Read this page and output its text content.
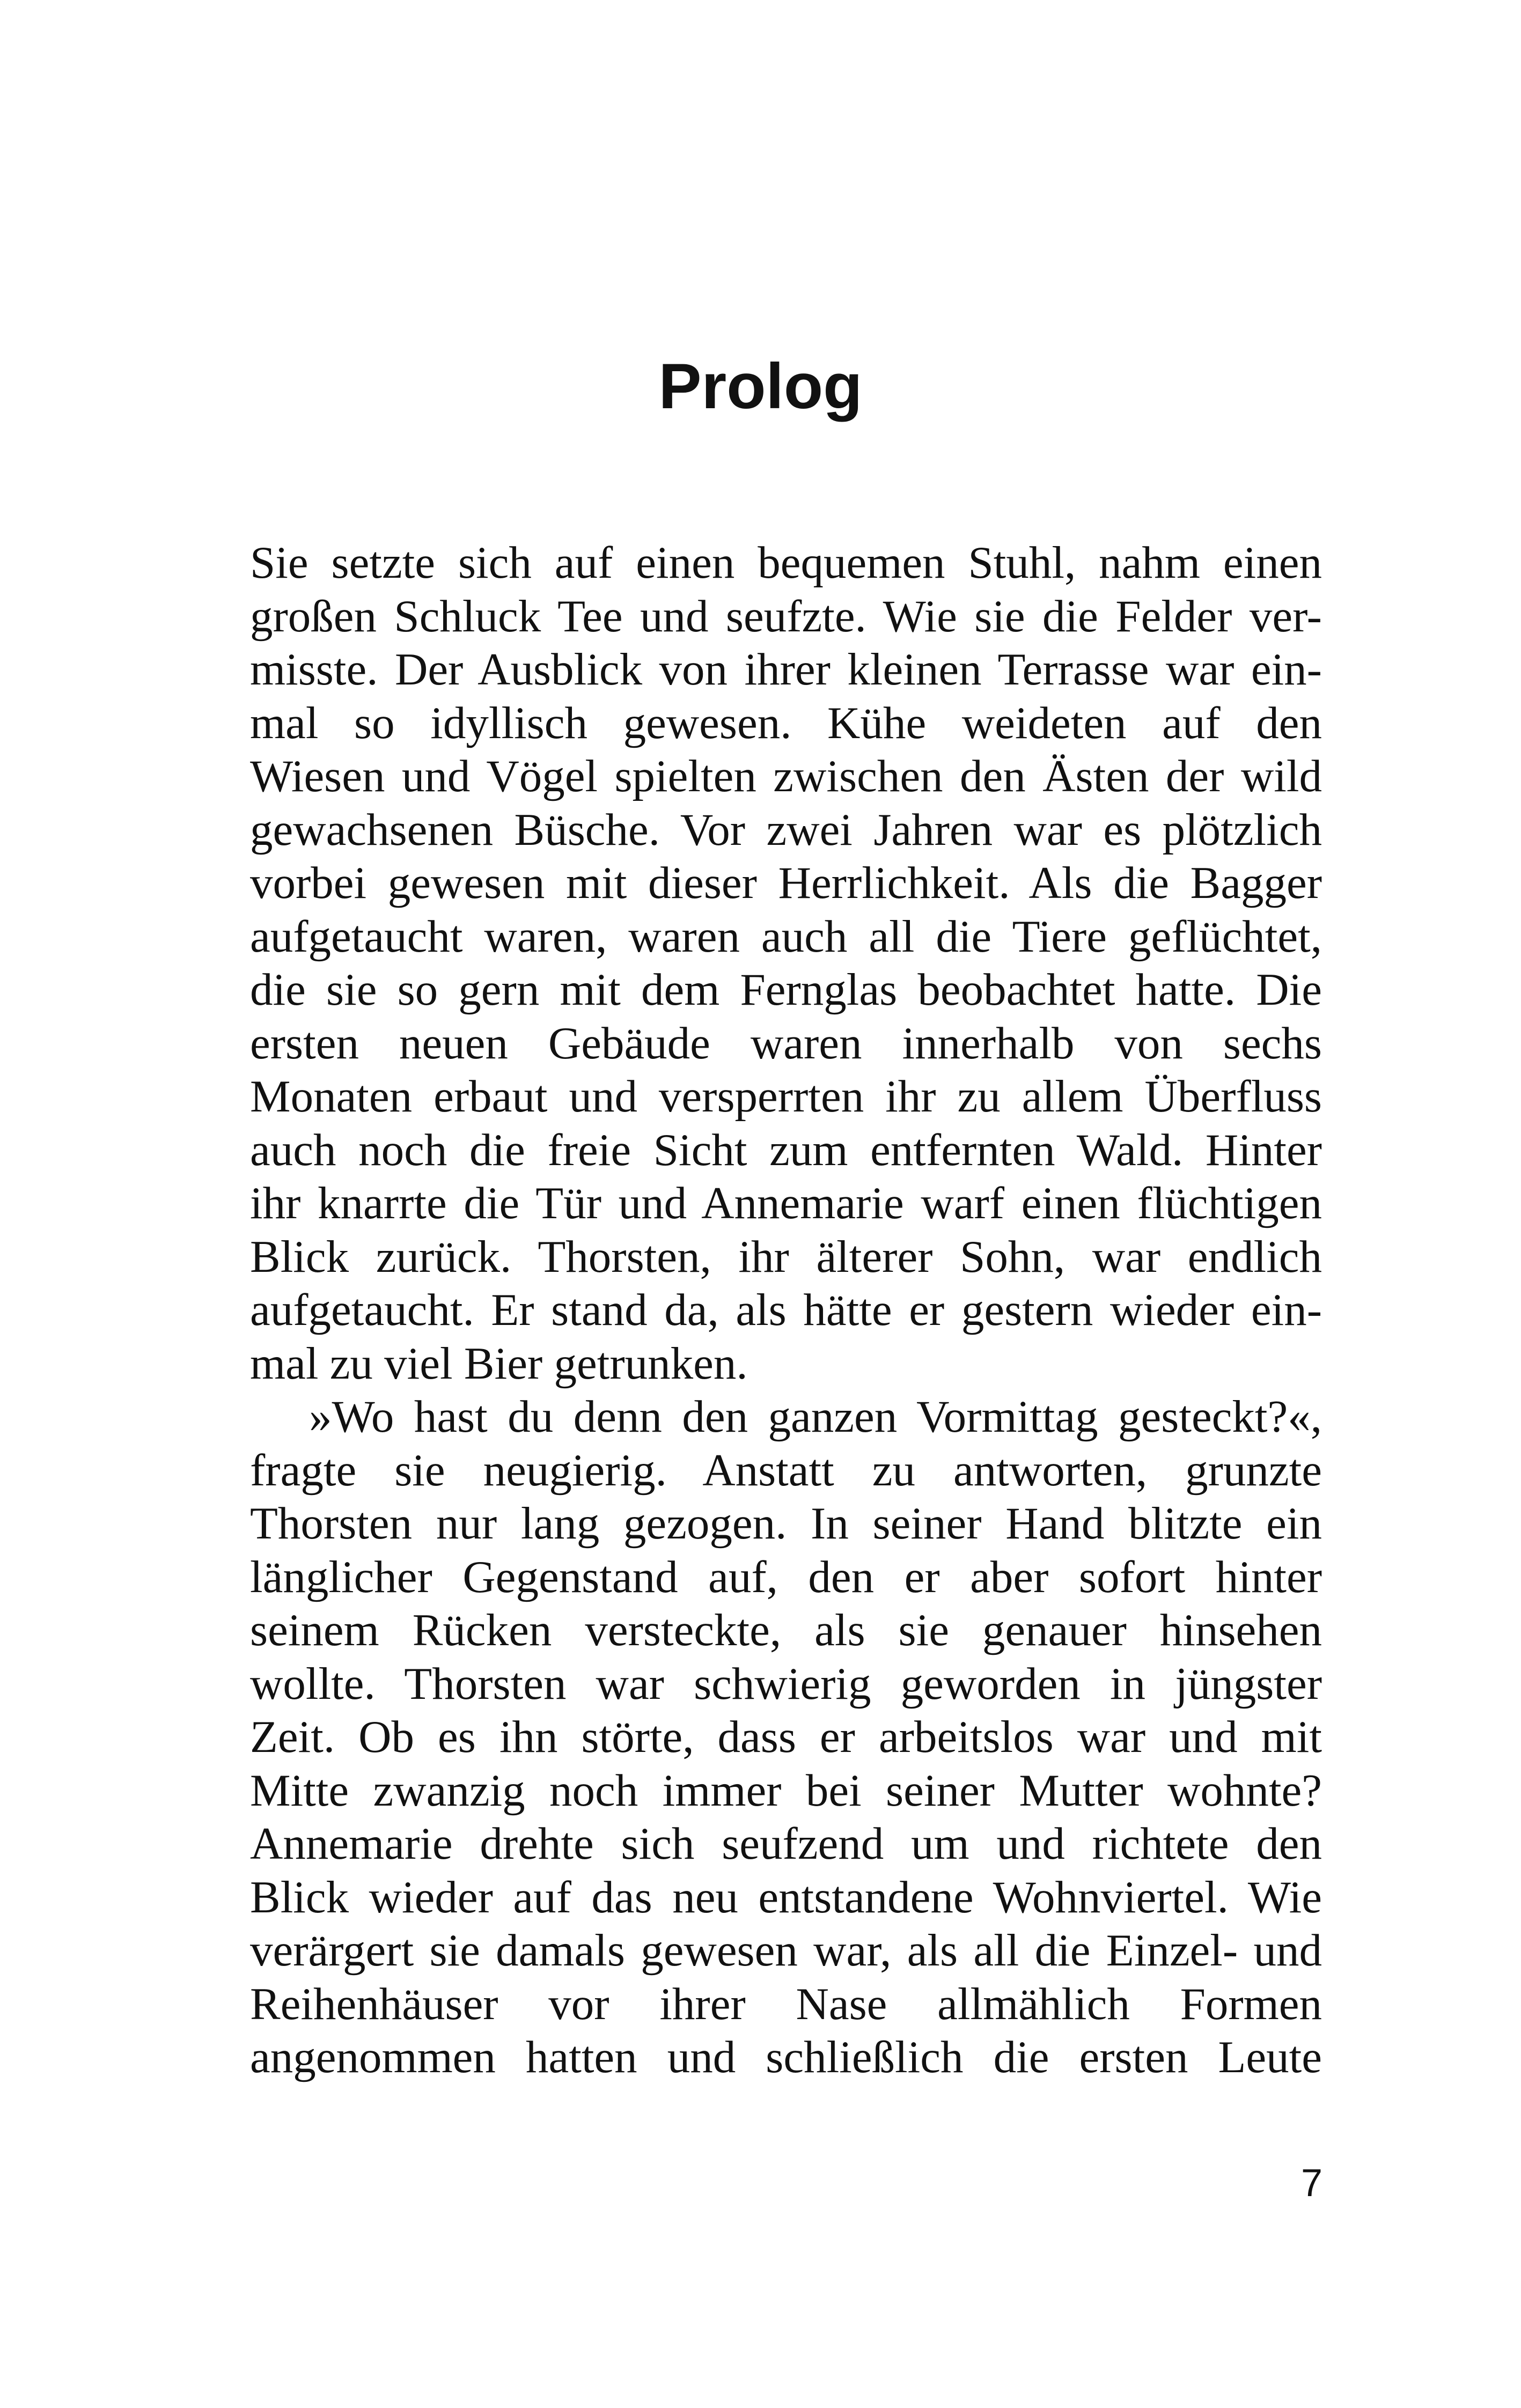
Prolog
Sie setzte sich auf einen bequemen Stuhl, nahm einen
großen Schluck Tee und seufzte. Wie sie die Felder ver-
misste. Der Ausblick von ihrer kleinen Terrasse war ein-
mal so idyllisch gewesen. Kühe weideten auf den
Wiesen und Vögel spielten zwischen den Ästen der wild
gewachsenen Büsche. Vor zwei Jahren war es plötzlich
vorbei gewesen mit dieser Herrlichkeit. Als die Bagger
aufgetaucht waren, waren auch all die Tiere geflüchtet,
die sie so gern mit dem Fernglas beobachtet hatte. Die
ersten neuen Gebäude waren innerhalb von sechs
Monaten erbaut und versperrten ihr zu allem Überfluss
auch noch die freie Sicht zum entfernten Wald. Hinter
ihr knarrte die Tür und Annemarie warf einen flüchtigen
Blick zurück. Thorsten, ihr älterer Sohn, war endlich
aufgetaucht. Er stand da, als hätte er gestern wieder ein-
mal zu viel Bier getrunken.
»Wo hast du denn den ganzen Vormittag gesteckt?«,
fragte sie neugierig. Anstatt zu antworten, grunzte
Thorsten nur lang gezogen. In seiner Hand blitzte ein
länglicher Gegenstand auf, den er aber sofort hinter
seinem Rücken versteckte, als sie genauer hinsehen
wollte. Thorsten war schwierig geworden in jüngster
Zeit. Ob es ihn störte, dass er arbeitslos war und mit
Mitte zwanzig noch immer bei seiner Mutter wohnte?
Annemarie drehte sich seufzend um und richtete den
Blick wieder auf das neu entstandene Wohnviertel. Wie
verärgert sie damals gewesen war, als all die Einzel- und
Reihenhäuser vor ihrer Nase allmählich Formen
angenommen hatten und schließlich die ersten Leute
7
